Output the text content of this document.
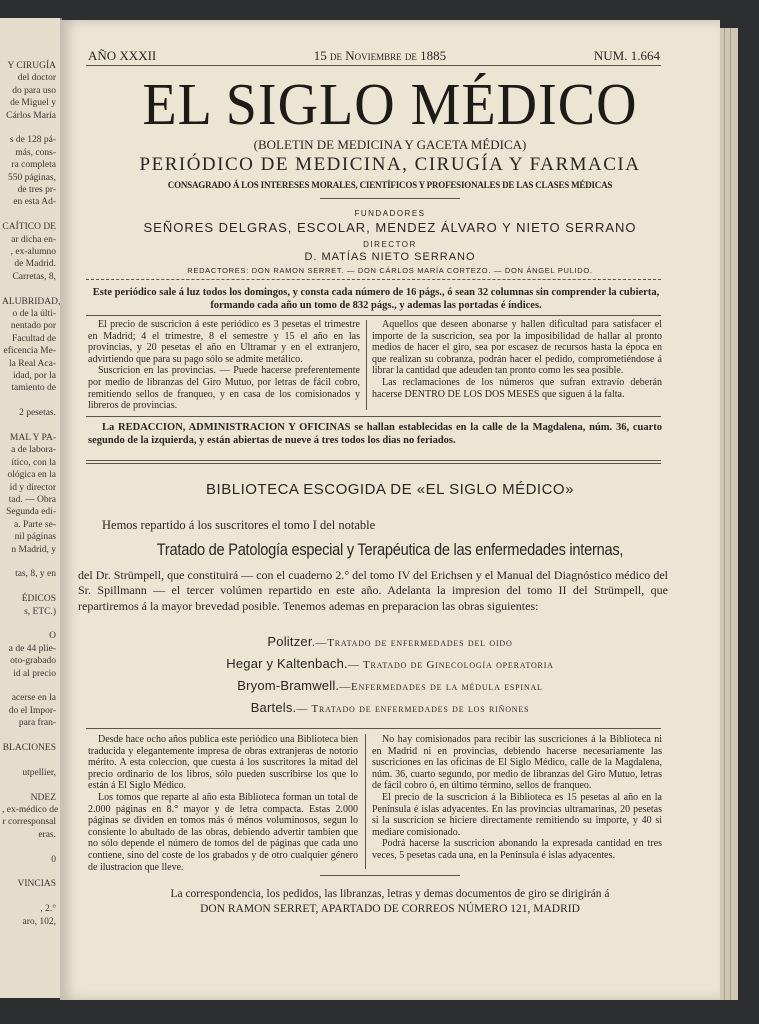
Y CIRUGÍA
del doctor
do para uso
de Miguel y
Cárlos María
s de 128 pá-
más, cons-
ra completa
550 páginas,
de tres pr-
en esta Ad-
CAÍTICO DE
ar dicha en-
, ex-alumno
de Madrid.
Carretas, 8,
ALUBRIDAD,
o de la últi-
nentado por
Facultad de
eficencia Me-
la Real Aca-
idad, por la
tamiento de
2 pesetas.
MAL Y PA-
a de labora-
ítico, con la
ológica en la
id y director
tad. — Obra
Segunda edi-
a. Parte se-
nil páginas
n Madrid, y
tas, 8, y en
ÉDICOS
s, ETC.)
O
a de 44 plie-
oto-grabado
id al precio
acerse en la
do el Impor-
para fran-
BLACIONES
utpellier,
NDEZ
, ex-médico de
r corresponsal
eras.
0
VINCIAS
, 2.°
aro, 102,
AÑO XXXII	15 de Noviembre de 1885	NUM. 1.664
EL SIGLO MÉDICO
(BOLETIN DE MEDICINA Y GACETA MÉDICA)
PERIÓDICO DE MEDICINA, CIRUGÍA Y FARMACIA
CONSAGRADO Á LOS INTERESES MORALES, CIENTÍFICOS Y PROFESIONALES DE LAS CLASES MÉDICAS
FUNDADORES
SEÑORES DELGRAS, ESCOLAR, MENDEZ ÁLVARO Y NIETO SERRANO
DIRECTOR
D. MATÍAS NIETO SERRANO
REDACTORES: DON RAMON SERRET. — DON CÁRLOS MARÍA CORTEZO. — DON ÁNGEL PULIDO.
Este periódico sale á luz todos los domingos, y consta cada número de 16 págs., ó sean 32 columnas sin comprender la cubierta, formando cada año un tomo de 832 págs., y ademas las portadas é índices.

El precio de suscricion á este periódico es 3 pesetas el trimestre en Madrid; 4 el trimestre, 8 el semestre y 15 el año en las provincias, y 20 pesetas el año en Ultramar y en el extranjero, advirtiendo que para su pago sólo se admite metálico.

Suscricion en las provincias. — Puede hacerse preferentemente por medio de libranzas del Giro Mutuo, por letras de fácil cobro, remitiendo sellos de franqueo, y en casa de los comisionados y libreros de provincias.

Aquellos que deseen abonarse y hallen dificultad para satisfacer el importe de la suscricion, sea por la imposibilidad de hallar al pronto medios de hacer el giro, sea por escasez de recursos hasta la época en que realizan su cobranza, podrán hacer el pedido, comprometiéndose á librar la cantidad que adeuden tan pronto como les sea posible.

Las reclamaciones de los números que sufran extravío deberán hacerse DENTRO DE LOS DOS MESES que siguen á la falta.

La REDACCION, ADMINISTRACION Y OFICINAS se hallan establecidas en la calle de la Magdalena, núm. 36, cuarto segundo de la izquierda, y están abiertas de nueve á tres todos los dias no feriados.
BIBLIOTECA ESCOGIDA DE «EL SIGLO MÉDICO»
Hemos repartido á los suscritores el tomo I del notable
Tratado de Patología especial y Terapéutica de las enfermedades internas,
del Dr. Strümpell, que constituirá — con el cuaderno 2.° del tomo IV del Erichsen y el Manual del Diagnóstico médico del Sr. Spillmann — el tercer volúmen repartido en este año. Adelanta la impresion del tomo II del Strümpell, que repartiremos á la mayor brevedad posible. Tenemos ademas en preparacion las obras siguientes:
Politzer.—Tratado de enfermedades del oido
Hegar y Kaltenbach.— Tratado de Ginecología operatoria
Bryom-Bramwell.—Enfermedades de la médula espinal
Bartels.— Tratado de enfermedades de los riñones

Desde hace ocho años publica este periódico una Biblioteca bien traducida y elegantemente impresa de obras extranjeras de notorio mérito. A esta coleccion, que cuesta á los suscritores la mitad del precio ordinario de los libros, sólo pueden suscribirse los que lo están á El Siglo Médico.

Los tomos que reparte al año esta Biblioteca forman un total de 2.000 páginas en 8.° mayor y de letra compacta. Estas 2.000 páginas se dividen en tomos más ó ménos voluminosos, segun lo consiente lo abultado de las obras, debiendo advertir tambien que no sólo depende el número de tomos del de páginas que cada uno contiene, sino del coste de los grabados y de otro cualquier género de ilustracion que lleve.

No hay comisionados para recibir las suscriciones á la Biblioteca ni en Madrid ni en provincias, debiendo hacerse necesariamente las suscriciones en las oficinas de El Siglo Médico, calle de la Magdalena, núm. 36, cuarto segundo, por medio de libranzas del Giro Mutuo, letras de fácil cobro ó, en último término, sellos de franqueo.

El precio de la suscricion á la Biblioteca es 15 pesetas al año en la Península é islas adyacentes. En las provincias ultramarinas, 20 pesetas si la suscricion se hiciere directamente remitiendo su importe, y 40 si mediare comisionado.

Podrá hacerse la suscricion abonando la expresada cantidad en tres veces, 5 pesetas cada una, en la Península é islas adyacentes.

La correspondencia, los pedidos, las libranzas, letras y demas documentos de giro se dirigirán á
DON RAMON SERRET, APARTADO DE CORREOS NÚMERO 121, MADRID
